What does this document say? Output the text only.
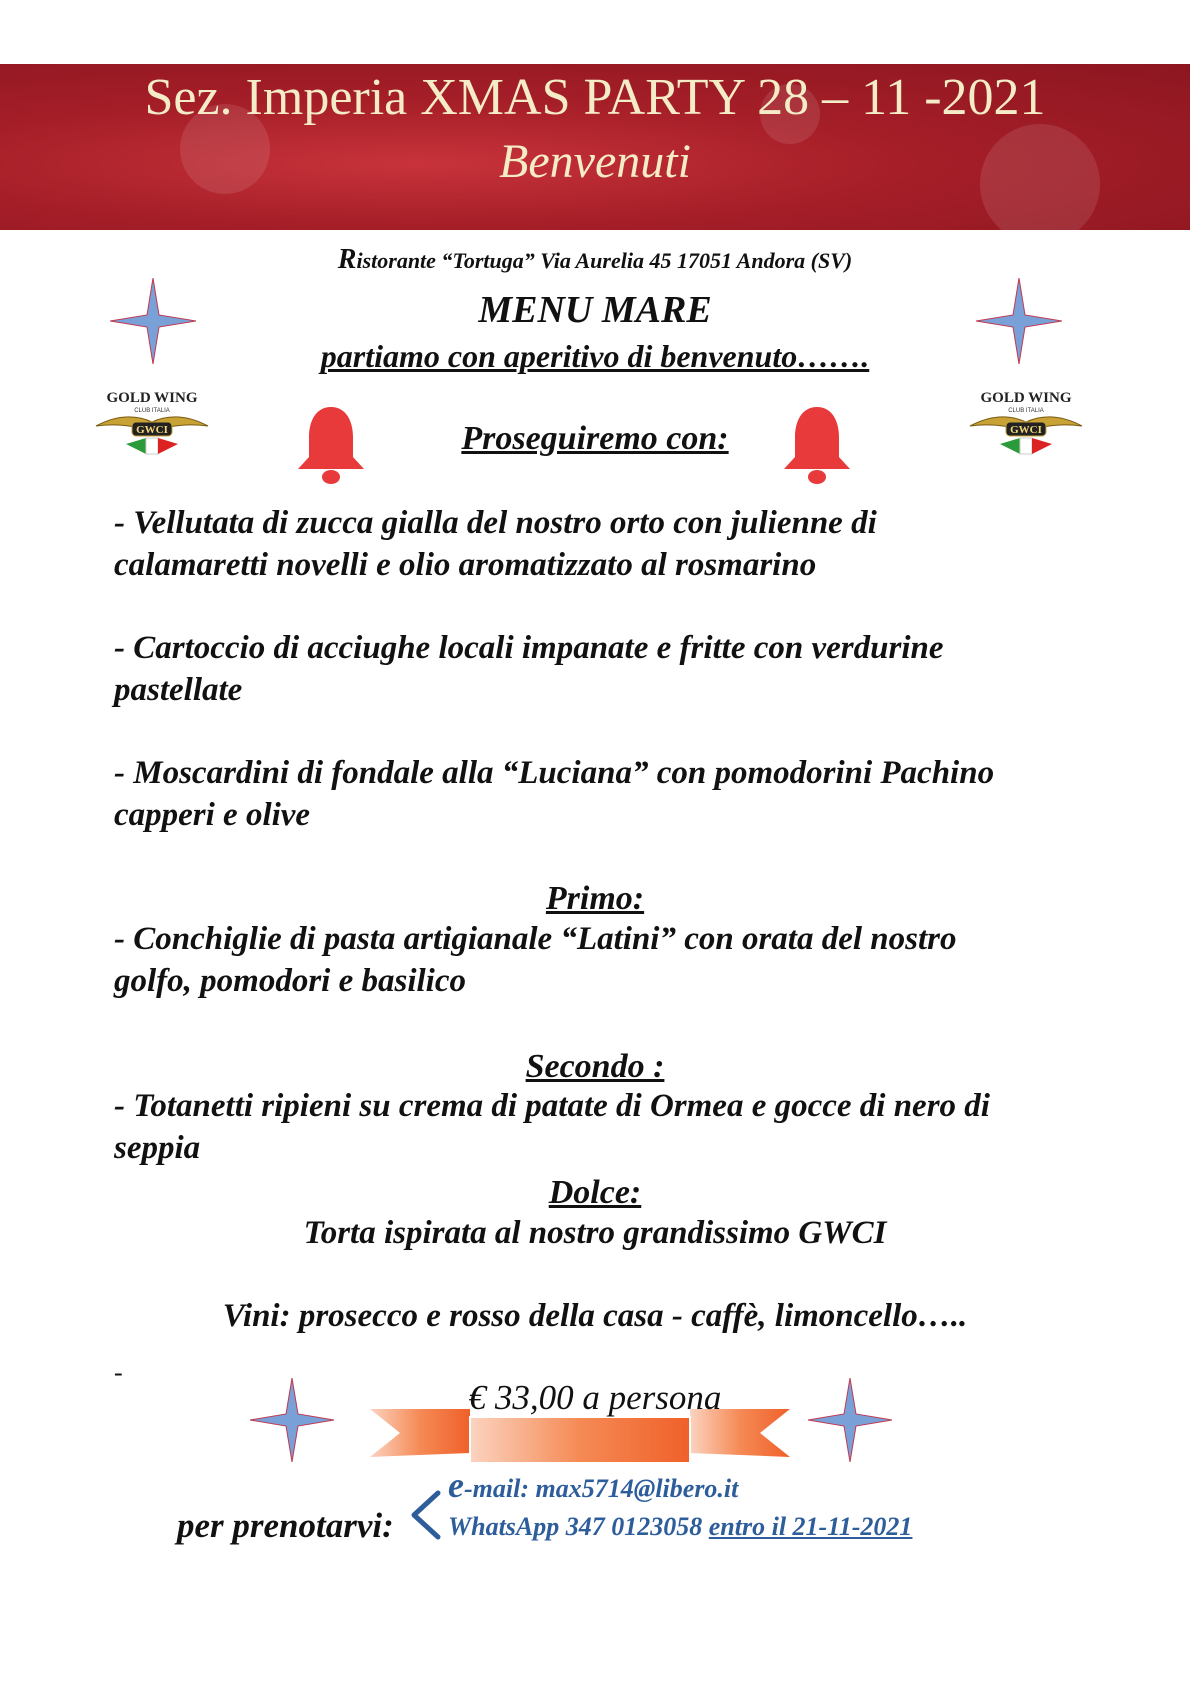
Sez. Imperia XMAS PARTY 28 – 11 -2021
Benvenuti
Ristorante “Tortuga” Via Aurelia 45 17051 Andora (SV)
MENU MARE
partiamo con aperitivo di benvenuto…….
GOLD WING
CLUB ITALIA
GWCI
GOLD WING
CLUB ITALIA
GWCI
Proseguiremo con:
- Vellutata di zucca gialla del nostro orto con julienne di
calamaretti novelli e olio aromatizzato al rosmarino
- Cartoccio di acciughe locali impanate e fritte con verdurine
pastellate
- Moscardini di fondale alla “Luciana” con pomodorini Pachino
capperi e olive
Primo:
- Conchiglie di pasta artigianale “Latini” con orata del nostro
golfo, pomodori e basilico
Secondo :
- Totanetti ripieni su crema di patate di Ormea e gocce di nero di
seppia
Dolce:
Torta ispirata al nostro grandissimo GWCI
Vini: prosecco e rosso della casa - caffè, limoncello…..
-
€ 33,00 a persona
per prenotarvi:
e-mail: max5714@libero.it
WhatsApp 347 0123058 entro il 21-11-2021
